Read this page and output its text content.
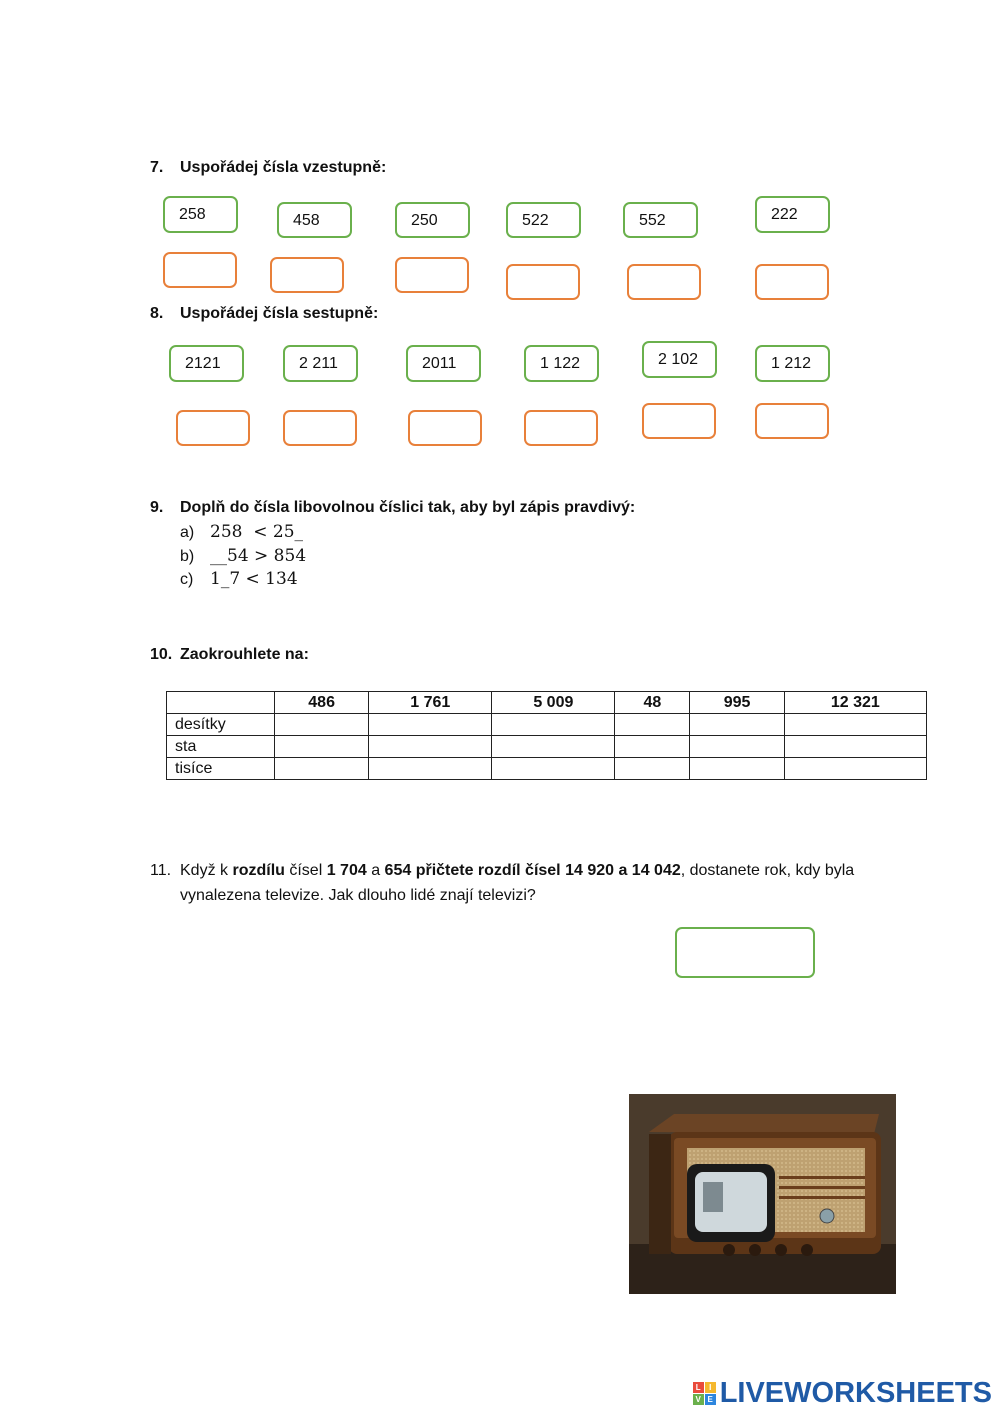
7. Uspořádej čísla vzestupně:
258	458	250	522	552	222
8. Uspořádej čísla sestupně:
2121	2 211	2011	1 122	2 102	1 212
9. Doplň do čísla libovolnou číslici tak, aby byl zápis pravdivý:
a) 258  < 25_
b) __54 > 854
c) 1_7 < 134
10. Zaokrouhlete na:
	486	1 761	5 009	48	995	12 321
desítky						
sta						
tisíce						
11. Když k rozdílu čísel 1 704 a 654 přičtete rozdíl čísel 14 920 a 14 042, dostanete rok, kdy byla vynalezena televize. Jak dlouho lidé znají televizi?
L	I
V E LIVEWORKSHEETS
